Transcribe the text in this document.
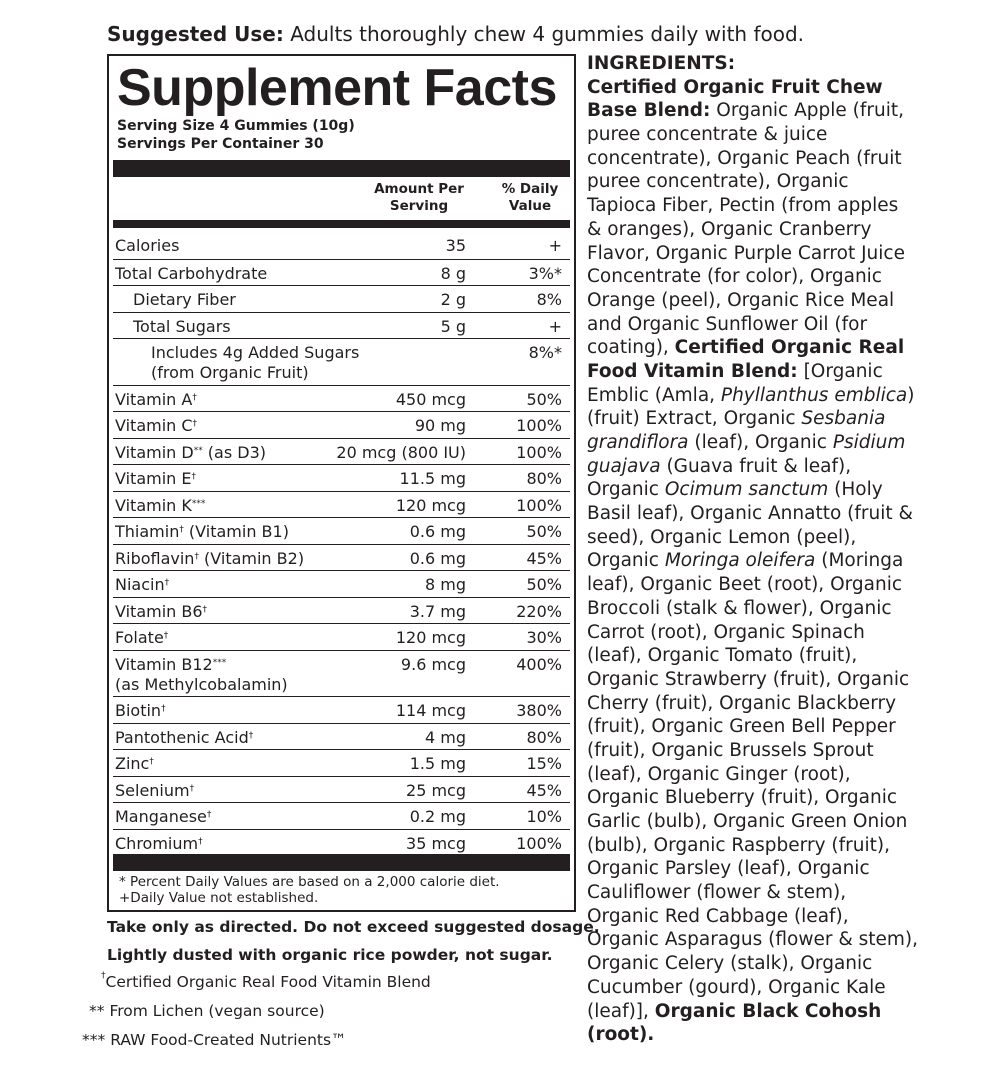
Suggested Use: Adults thoroughly chew 4 gummies daily with food.
Supplement Facts
Serving Size 4 Gummies (10g)
Servings Per Container 30
Amount Per
Serving
% Daily
Value
Calories	35	+
Total Carbohydrate	8 g	3%*
Dietary Fiber	2 g	8%
Total Sugars	5 g	+
Includes 4g Added Sugars
(from Organic Fruit)
8%*
Vitamin A†	450 mcg	50%
Vitamin C†	90 mg	100%
Vitamin D** (as D3)	20 mcg (800 IU)	100%
Vitamin E†	11.5 mg	80%
Vitamin K***	120 mcg	100%
Thiamin† (Vitamin B1)	0.6 mg	50%
Riboflavin† (Vitamin B2)	0.6 mg	45%
Niacin†	8 mg	50%
Vitamin B6†	3.7 mg	220%
Folate†	120 mcg	30%
Vitamin B12***
(as Methylcobalamin)
9.6 mcg	400%
Biotin†	114 mcg	380%
Pantothenic Acid†	4 mg	80%
Zinc†	1.5 mg	15%
Selenium†	25 mcg	45%
Manganese†	0.2 mg	10%
Chromium†	35 mcg	100%
* Percent Daily Values are based on a 2,000 calorie diet.
+Daily Value not established.
Take only as directed. Do not exceed suggested dosage.
Lightly dusted with organic rice powder, not sugar.
†Certified Organic Real Food Vitamin Blend
** From Lichen (vegan source)
*** RAW Food-Created Nutrients™
INGREDIENTS:
Certified Organic Fruit Chew
Base Blend: Organic Apple (fruit,
puree concentrate & juice
concentrate), Organic Peach (fruit
puree concentrate), Organic
Tapioca Fiber, Pectin (from apples
& oranges), Organic Cranberry
Flavor, Organic Purple Carrot Juice
Concentrate (for color), Organic
Orange (peel), Organic Rice Meal
and Organic Sunflower Oil (for
coating), Certified Organic Real
Food Vitamin Blend: [Organic
Emblic (Amla, Phyllanthus emblica)
(fruit) Extract, Organic Sesbania
grandiflora (leaf), Organic Psidium
guajava (Guava fruit & leaf),
Organic Ocimum sanctum (Holy
Basil leaf), Organic Annatto (fruit &
seed), Organic Lemon (peel),
Organic Moringa oleifera (Moringa
leaf), Organic Beet (root), Organic
Broccoli (stalk & flower), Organic
Carrot (root), Organic Spinach
(leaf), Organic Tomato (fruit),
Organic Strawberry (fruit), Organic
Cherry (fruit), Organic Blackberry
(fruit), Organic Green Bell Pepper
(fruit), Organic Brussels Sprout
(leaf), Organic Ginger (root),
Organic Blueberry (fruit), Organic
Garlic (bulb), Organic Green Onion
(bulb), Organic Raspberry (fruit),
Organic Parsley (leaf), Organic
Cauliflower (flower & stem),
Organic Red Cabbage (leaf),
Organic Asparagus (flower & stem),
Organic Celery (stalk), Organic
Cucumber (gourd), Organic Kale
(leaf)], Organic Black Cohosh
(root).
